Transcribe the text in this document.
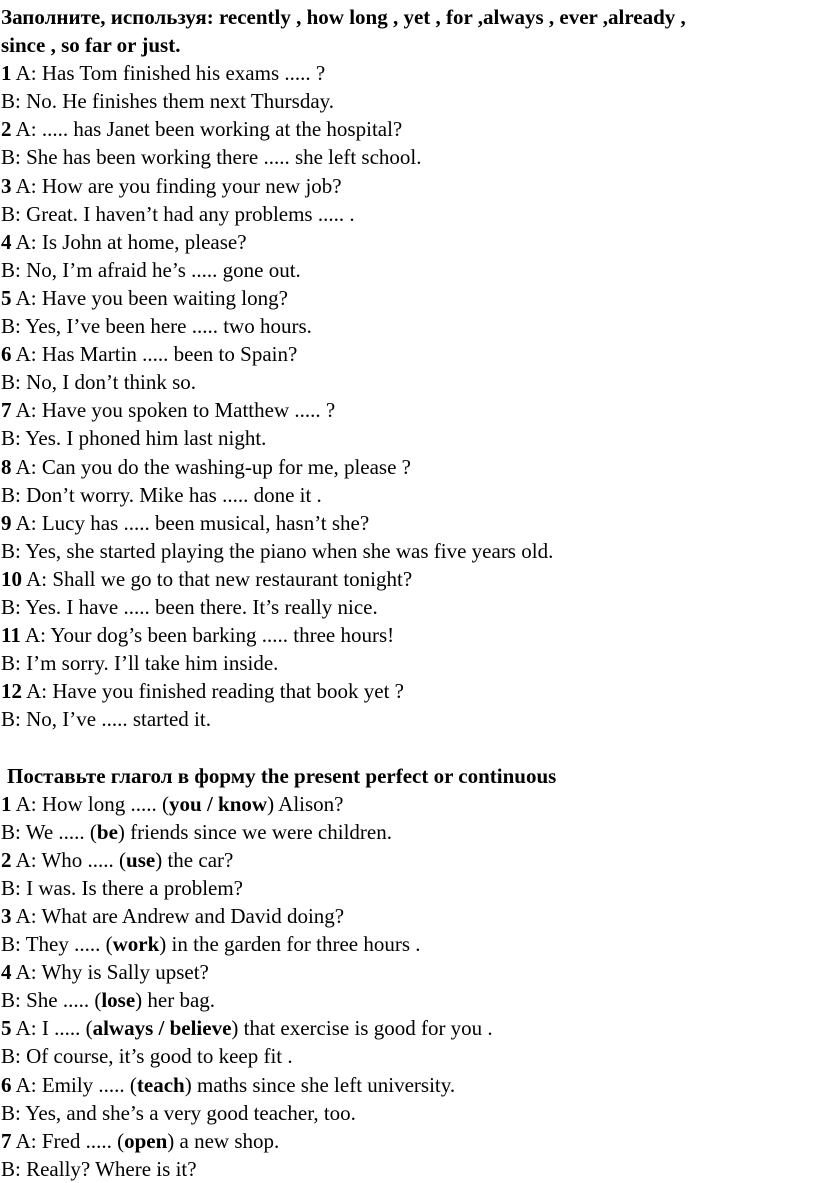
Заполните, используя: recently , how long , yet , for ,always , ever ,already ,
since , so far or just.
1 A: Has Tom finished his exams ..... ?
B: No. He finishes them next Thursday.
2 A: ..... has Janet been working at the hospital?
B: She has been working there ..... she left school.
3 A: How are you finding your new job?
B: Great. I haven’t had any problems ..... .
4 A: Is John at home, please?
B: No, I’m afraid he’s ..... gone out.
5 A: Have you been waiting long?
B: Yes, I’ve been here ..... two hours.
6 A: Has Martin ..... been to Spain?
B: No, I don’t think so.
7 A: Have you spoken to Matthew ..... ?
B: Yes. I phoned him last night.
8 A: Can you do the washing-up for me, please ?
B: Don’t worry. Mike has ..... done it .
9 A: Lucy has ..... been musical, hasn’t she?
B: Yes, she started playing the piano when she was five years old.
10 A: Shall we go to that new restaurant tonight?
B: Yes. I have ..... been there. It’s really nice.
11 A: Your dog’s been barking ..... three hours!
B: I’m sorry. I’ll take him inside.
12 A: Have you finished reading that book yet ?
B: No, I’ve ..... started it.
Поставьте глагол в форму the present perfect or continuous
1 A: How long ..... (you / know) Alison?
B: We ..... (be) friends since we were children.
2 A: Who ..... (use) the car?
B: I was. Is there a problem?
3 A: What are Andrew and David doing?
B: They ..... (work) in the garden for three hours .
4 A: Why is Sally upset?
B: She ..... (lose) her bag.
5 A: I ..... (always / believe) that exercise is good for you .
B: Of course, it’s good to keep fit .
6 A: Emily ..... (teach) maths since she left university.
B: Yes, and she’s a very good teacher, too.
7 A: Fred ..... (open) a new shop.
B: Really? Where is it?
